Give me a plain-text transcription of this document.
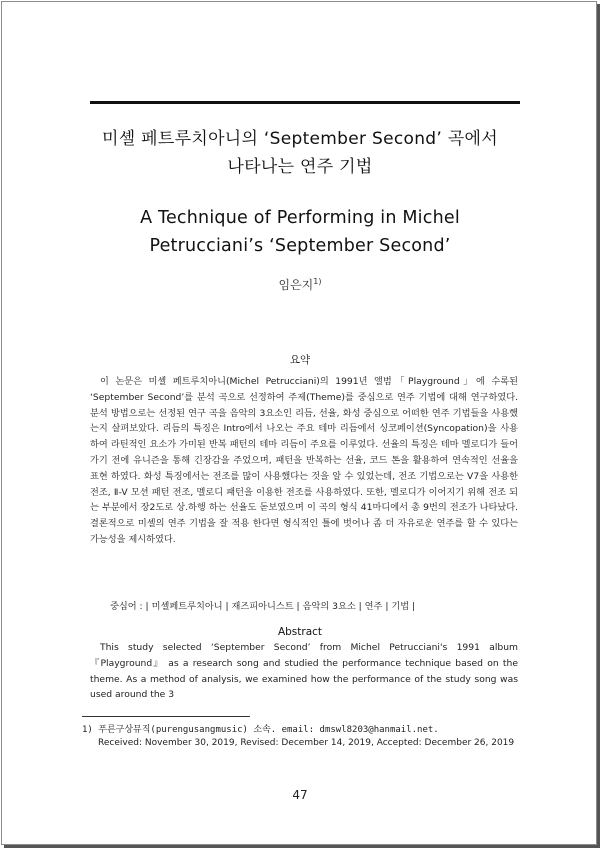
미셸 페트루치아니의 ‘September Second’ 곡에서
나타나는 연주 기법
A Technique of Performing in Michel
Petrucciani’s ‘September Second’
임은지$^{1)}$
요약

이 논문은 미셸 페트루치아니(Michel Petrucciani)의 1991년 앨범「Playground」에 수록된 ‘September Second’를 분석 곡으로 선정하여 주제(Theme)를 중심으로 연주 기법에 대해 연구하였다. 분석 방법으로는 선정된 연구 곡을 음악의 3요소인 리듬, 선율, 화성 중심으로 어떠한 연주 기법들을 사용했는지 살펴보았다. 리듬의 특징은 Intro에서 나오는 주요 테마 리듬에서 싱코페이션(Syncopation)을 사용하여 라틴적인 요소가 가미된 반복 패턴의 테마 리듬이 주요를 이루었다. 선율의 특징은 테마 멜로디가 들어가기 전에 유니즌을 통해 긴장감을 주었으며, 패턴을 반복하는 선율, 코드 톤을 활용하여 연속적인 선율을 표현 하였다. 화성 특징에서는 전조를 많이 사용했다는 것을 알 수 있었는데, 전조 기법으로는 V7을 사용한 전조, Ⅱ-V 모션 패턴 전조, 멜로디 패턴을 이용한 전조를 사용하였다. 또한, 멜로디가 이어지기 위해 전조 되는 부분에서 장2도로 상.하행 하는 선율도 돋보였으며 이 곡의 형식 41마디에서 총 9번의 전조가 나타났다. 결론적으로 미셸의 연주 기법을 잘 적용 한다면 형식적인 틀에 벗어나 좀 더 자유로운 연주를 할 수 있다는 가능성을 제시하였다.

중심어 : | 미셸페트루치아니 | 재즈피아니스트 | 음악의 3요소 | 연주 | 기법 |
Abstract

This study selected ‘September Second’ from Michel Petrucciani's 1991 album 『Playground』 as a research song and studied the performance technique based on the theme. As a method of analysis, we examined how the performance of the study song was used around the 3

1) 푸른구상뮤직(purengusangmusic) 소속. email: dmswl8203@hanmail.net.
Received: November 30, 2019, Revised: December 14, 2019, Accepted: December 26, 2019
47
